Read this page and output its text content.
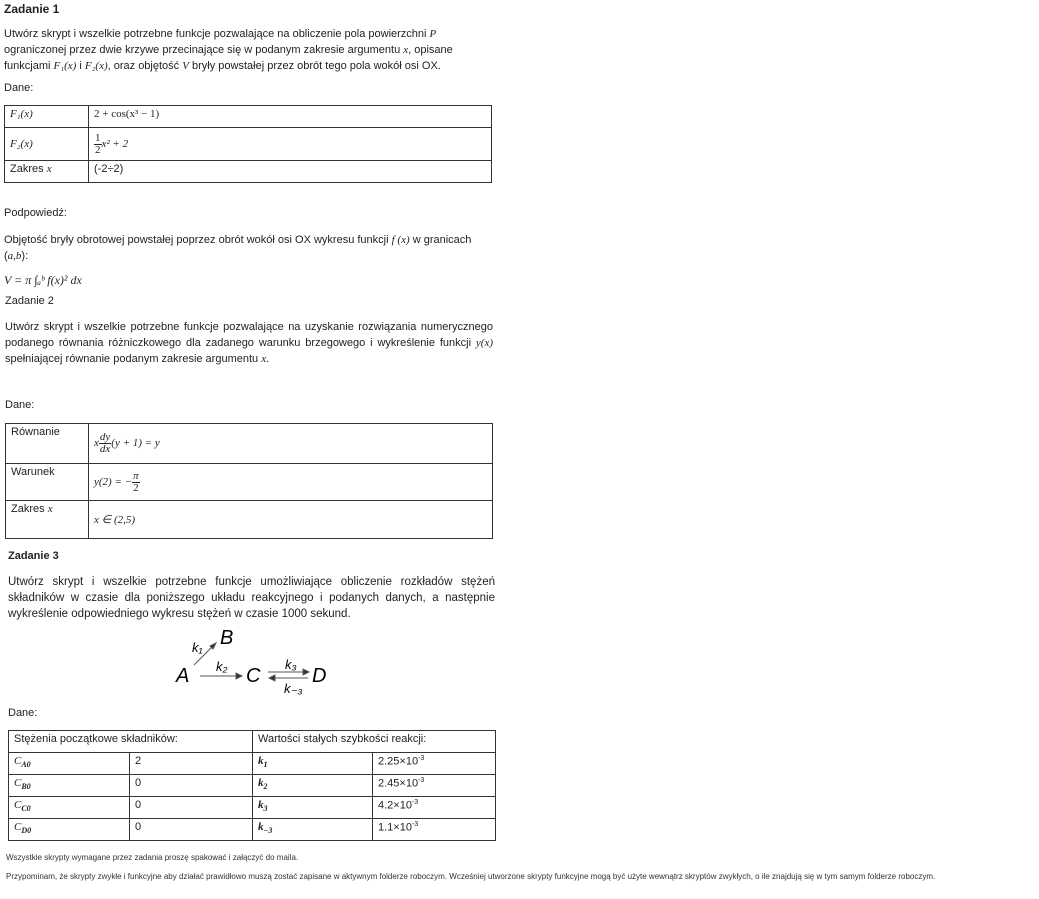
Zadanie 1

Utwórz skrypt i wszelkie potrzebne funkcje pozwalające na obliczenie pola powierzchni P ograniczonej przez dwie krzywe przecinające się w podanym zakresie argumentu x, opisane funkcjami F₁(x) i F₂(x), oraz objętość V bryły powstałej przez obrót tego pola wokół osi OX.

Dane:
F₁(x)	2 + cos(x³ − 1)
F₂(x)	$\frac{1}{2} x^2 + 2$
Zakres x	(-2÷2)
Podpowiedź:

Objętość bryły obrotowej powstałej poprzez obrót wokół osi OX wykresu funkcji f (x) w granicach (a,b):

V = π ∫ₐᵇ f(x)² dx
Zadanie 2

Utwórz skrypt i wszelkie potrzebne funkcje pozwalające na uzyskanie rozwiązania numerycznego podanego równania różniczkowego dla zadanego warunku brzegowego i wykreślenie funkcji y(x) spełniającej równanie podanym zakresie argumentu x.

Dane:
Równanie	x $\frac{dy}{dx} (y + 1) = y$
Warunek	y(2) = − $\frac{\pi}{2}$

Zakres x	x ∈ (2,5)
Zadanie 3

Utwórz skrypt i wszelkie potrzebne funkcje umożliwiające obliczenie rozkładów stężeń składników w czasie dla poniższego układu reakcyjnego i podanych danych, a następnie wykreślenie odpowiedniego wykresu stężeń w czasie 1000 sekund.

A
B
C	D
k₁
k₂	k₃
k₋₃
Dane:
Stężenia początkowe składników:		Wartości stałych szybkości reakcji:	
$C_{A0}$	2	$k_1$	$2.25\times 10^{-3}$
$C_{B0}$	0	$k_2$	$2.45\times 10^{-3}$
$C_{C0}$	0	$k_3$	$4.2\times 10^{-3}$
$C_{D0}$	0	$k_{-3}$	$1.1\times 10^{-3}$
Wszystkie skrypty wymagane przez zadania proszę spakować i załączyć do maila.
Przypominam, że skrypty zwykłe i funkcyjne aby działać prawidłowo muszą zostać zapisane w aktywnym folderze roboczym. Wcześniej utworzone skrypty funkcyjne mogą być użyte wewnątrz skryptów zwykłych, o ile znajdują się w tym samym folderze roboczym.
